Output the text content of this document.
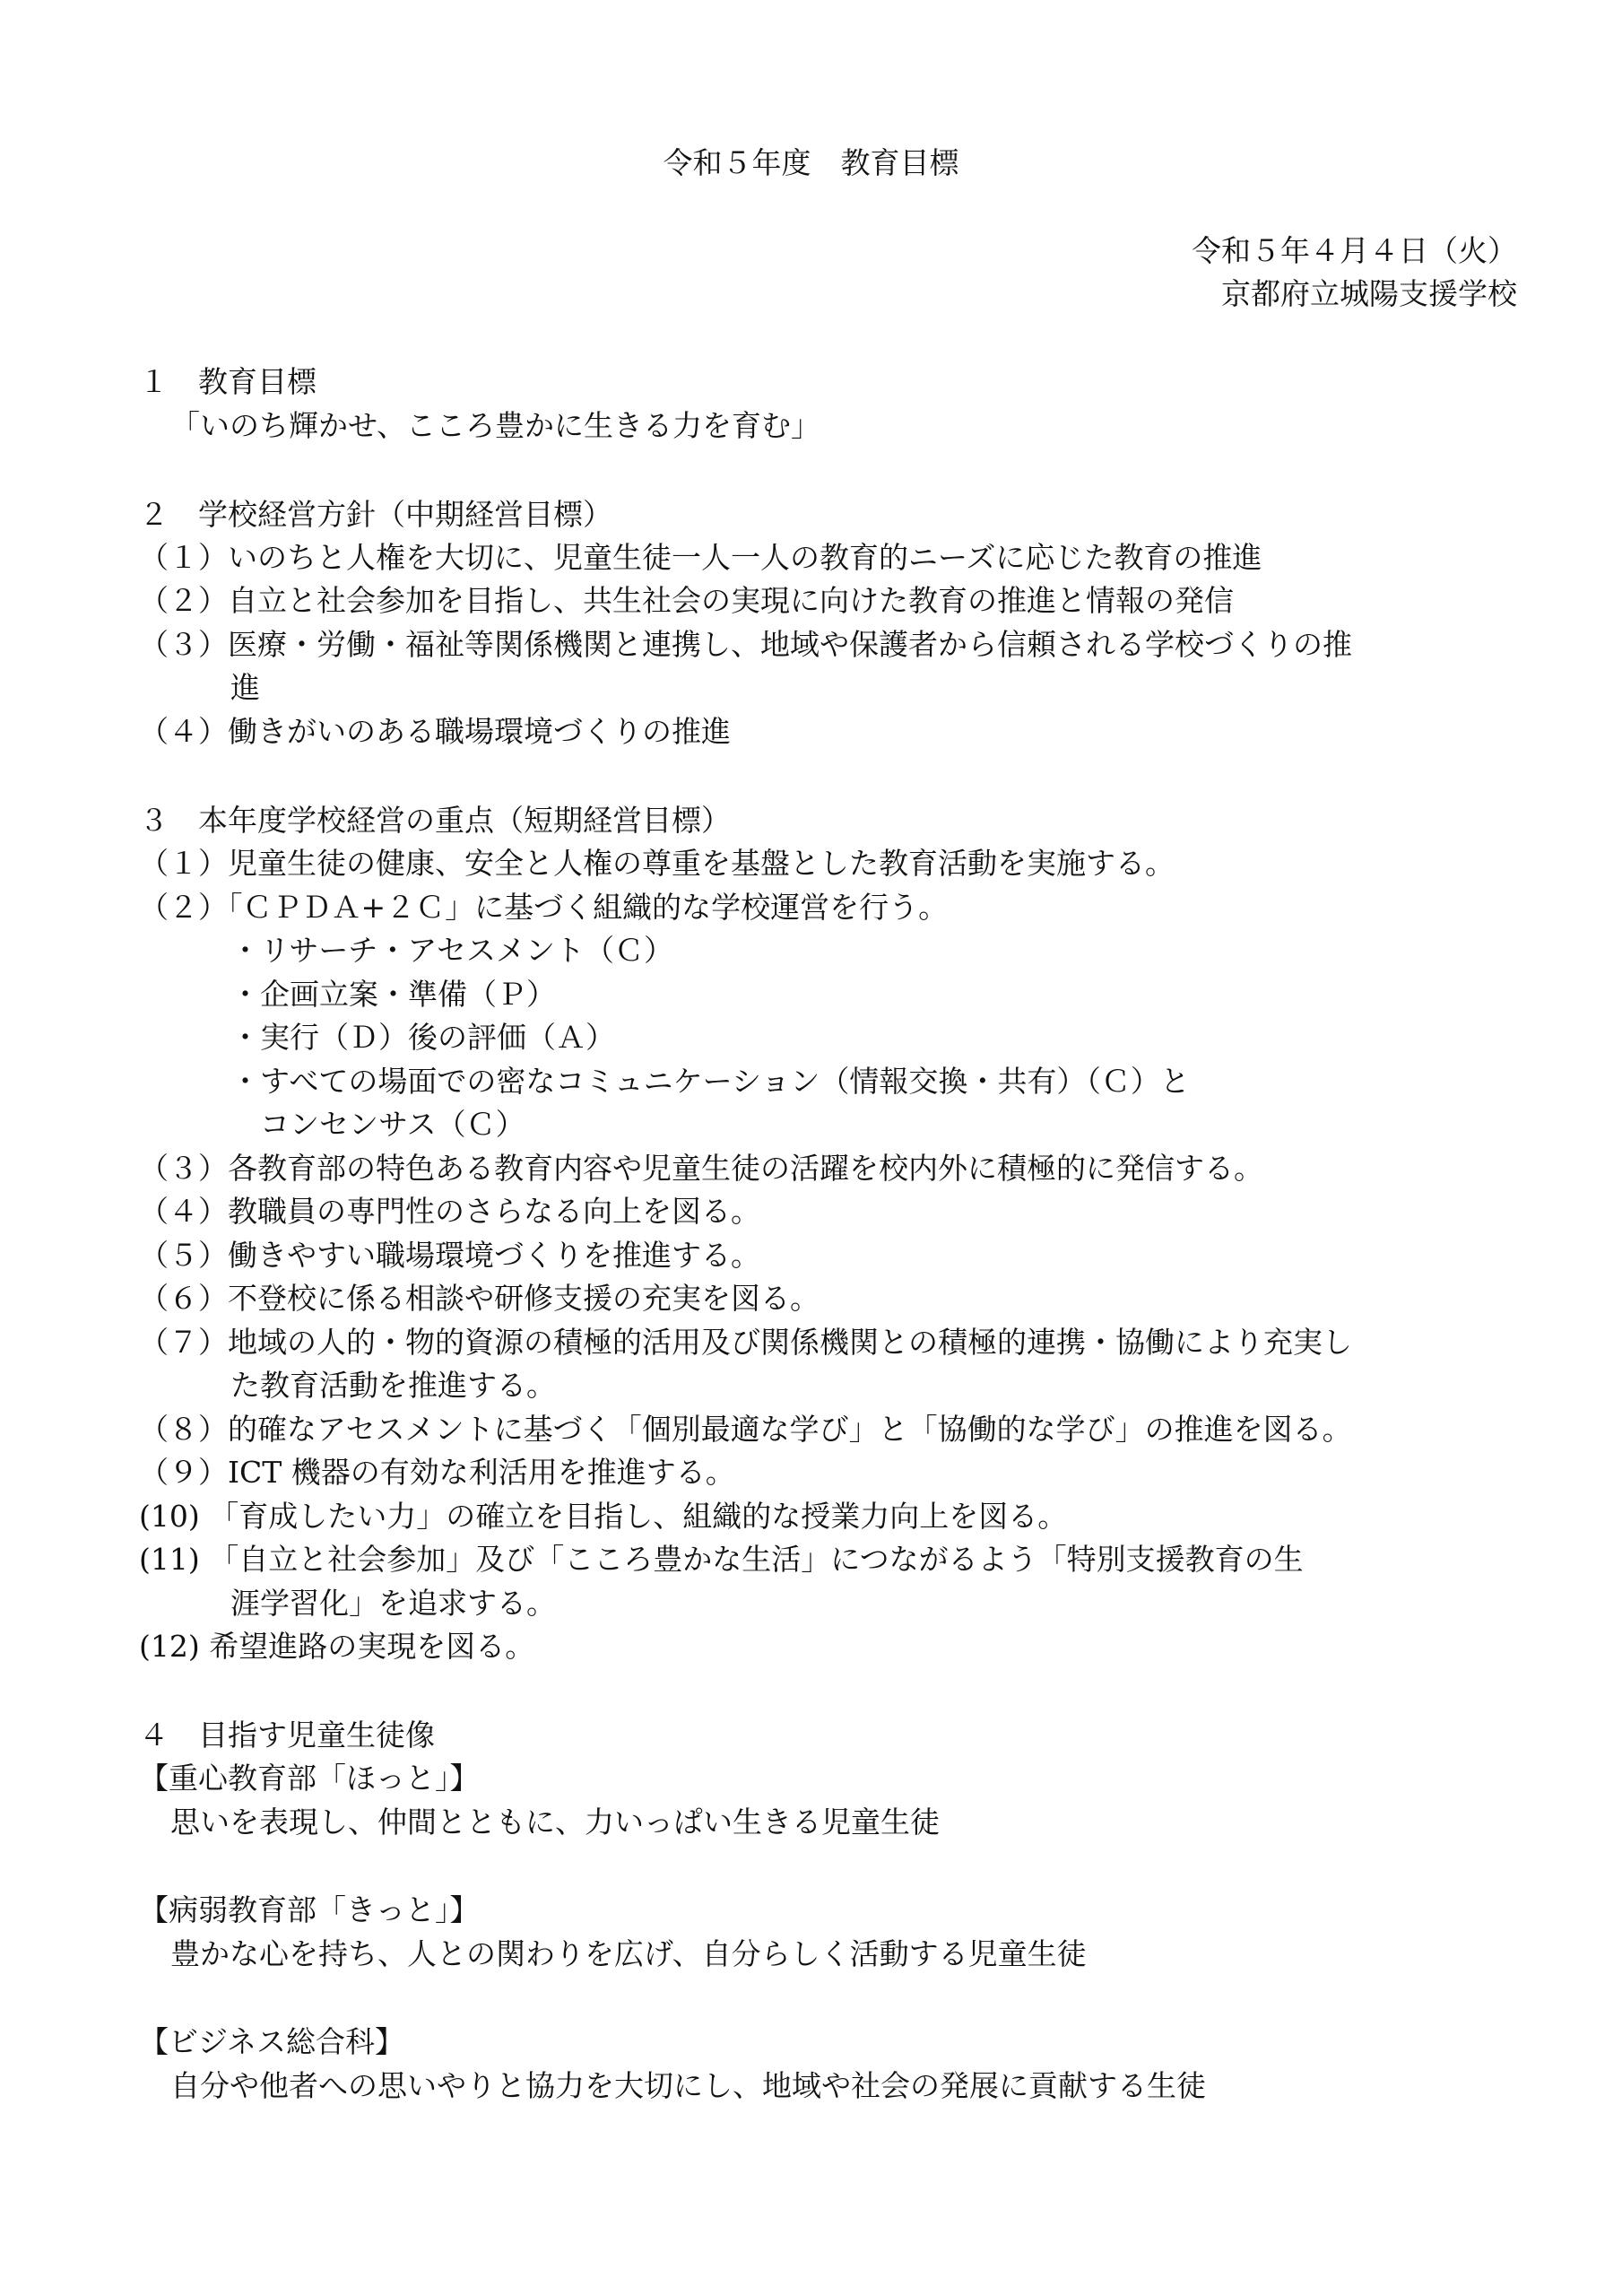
令和５年度　教育目標

令和５年４月４日（火）

京都府立城陽支援学校

１　教育目標

「いのち輝かせ、こころ豊かに生きる力を育む」

２　学校経営方針（中期経営目標）

（１）いのちと人権を大切に、児童生徒一人一人の教育的ニーズに応じた教育の推進

（２）自立と社会参加を目指し、共生社会の実現に向けた教育の推進と情報の発信

（３）医療・労働・福祉等関係機関と連携し、地域や保護者から信頼される学校づくりの推

進

（４）働きがいのある職場環境づくりの推進

３　本年度学校経営の重点（短期経営目標）

（１）児童生徒の健康、安全と人権の尊重を基盤とした教育活動を実施する。

（２）「ＣＰＤＡ+２Ｃ」に基づく組織的な学校運営を行う。

・リサーチ・アセスメント（Ｃ）

・企画立案・準備（Ｐ）

・実行（Ｄ）後の評価（Ａ）

・すべての場面での密なコミュニケーション（情報交換・共有）（Ｃ）と

コンセンサス（Ｃ）

（３）各教育部の特色ある教育内容や児童生徒の活躍を校内外に積極的に発信する。

（４）教職員の専門性のさらなる向上を図る。

（５）働きやすい職場環境づくりを推進する。

（６）不登校に係る相談や研修支援の充実を図る。

（７）地域の人的・物的資源の積極的活用及び関係機関との積極的連携・協働により充実し

た教育活動を推進する。

（８）的確なアセスメントに基づく「個別最適な学び」と「協働的な学び」の推進を図る。

（９）ICT 機器の有効な利活用を推進する。

(10) 「育成したい力」の確立を目指し、組織的な授業力向上を図る。

(11) 「自立と社会参加」及び「こころ豊かな生活」につながるよう「特別支援教育の生

涯学習化」を追求する。

(12) 希望進路の実現を図る。

４　目指す児童生徒像

【重心教育部「ほっと」】

思いを表現し、仲間とともに、力いっぱい生きる児童生徒

【病弱教育部「きっと」】

豊かな心を持ち、人との関わりを広げ、自分らしく活動する児童生徒

【ビジネス総合科】

自分や他者への思いやりと協力を大切にし、地域や社会の発展に貢献する生徒
